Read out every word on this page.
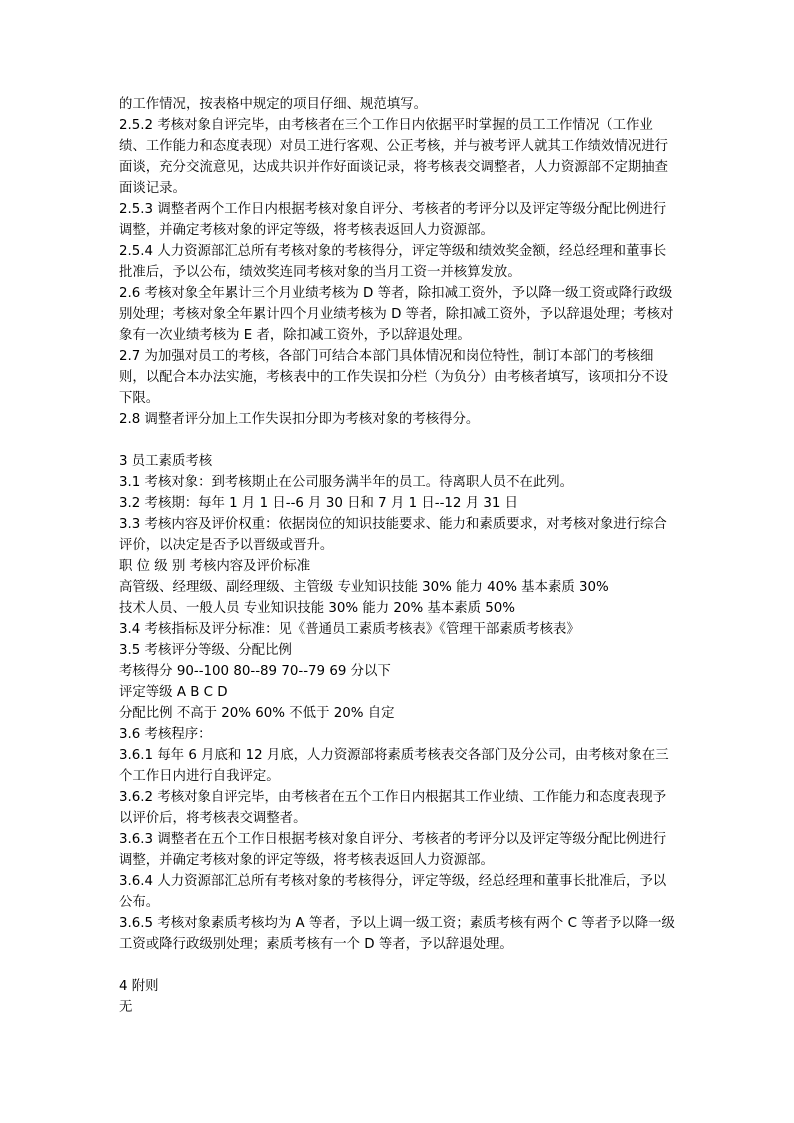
的工作情况，按表格中规定的项目仔细、规范填写。

2.5.2 考核对象自评完毕，由考核者在三个工作日内依据平时掌握的员工工作情况（工作业绩、工作能力和态度表现）对员工进行客观、公正考核，并与被考评人就其工作绩效情况进行面谈，充分交流意见，达成共识并作好面谈记录，将考核表交调整者，人力资源部不定期抽查面谈记录。

2.5.3 调整者两个工作日内根据考核对象自评分、考核者的考评分以及评定等级分配比例进行调整，并确定考核对象的评定等级，将考核表返回人力资源部。

2.5.4 人力资源部汇总所有考核对象的考核得分，评定等级和绩效奖金额，经总经理和董事长批准后，予以公布，绩效奖连同考核对象的当月工资一并核算发放。

2.6 考核对象全年累计三个月业绩考核为 D 等者，除扣减工资外，予以降一级工资或降行政级别处理；考核对象全年累计四个月业绩考核为 D 等者，除扣减工资外，予以辞退处理；考核对象有一次业绩考核为 E 者，除扣减工资外，予以辞退处理。

2.7 为加强对员工的考核，各部门可结合本部门具体情况和岗位特性，制订本部门的考核细则，以配合本办法实施，考核表中的工作失误扣分栏（为负分）由考核者填写，该项扣分不设下限。

2.8 调整者评分加上工作失误扣分即为考核对象的考核得分。

3 员工素质考核

3.1 考核对象：到考核期止在公司服务满半年的员工。待离职人员不在此列。

3.2 考核期：每年 1 月 1 日--6 月 30 日和 7 月 1 日--12 月 31 日

3.3 考核内容及评价权重：依据岗位的知识技能要求、能力和素质要求，对考核对象进行综合评价，以决定是否予以晋级或晋升。

职 位 级 别 考核内容及评价标准

高管级、经理级、副经理级、主管级 专业知识技能 30% 能力 40% 基本素质 30%

技术人员、一般人员 专业知识技能 30% 能力 20% 基本素质 50%

3.4 考核指标及评分标准：见《普通员工素质考核表》《管理干部素质考核表》

3.5 考核评分等级、分配比例

考核得分 90--100 80--89 70--79 69 分以下

评定等级 A B C D

分配比例 不高于 20% 60% 不低于 20% 自定

3.6 考核程序：

3.6.1 每年 6 月底和 12 月底，人力资源部将素质考核表交各部门及分公司，由考核对象在三个工作日内进行自我评定。

3.6.2 考核对象自评完毕，由考核者在五个工作日内根据其工作业绩、工作能力和态度表现予以评价后，将考核表交调整者。

3.6.3 调整者在五个工作日根据考核对象自评分、考核者的考评分以及评定等级分配比例进行调整，并确定考核对象的评定等级，将考核表返回人力资源部。

3.6.4 人力资源部汇总所有考核对象的考核得分，评定等级，经总经理和董事长批准后，予以公布。

3.6.5 考核对象素质考核均为 A 等者，予以上调一级工资；素质考核有两个 C 等者予以降一级工资或降行政级别处理；素质考核有一个 D 等者，予以辞退处理。

4 附则

无
